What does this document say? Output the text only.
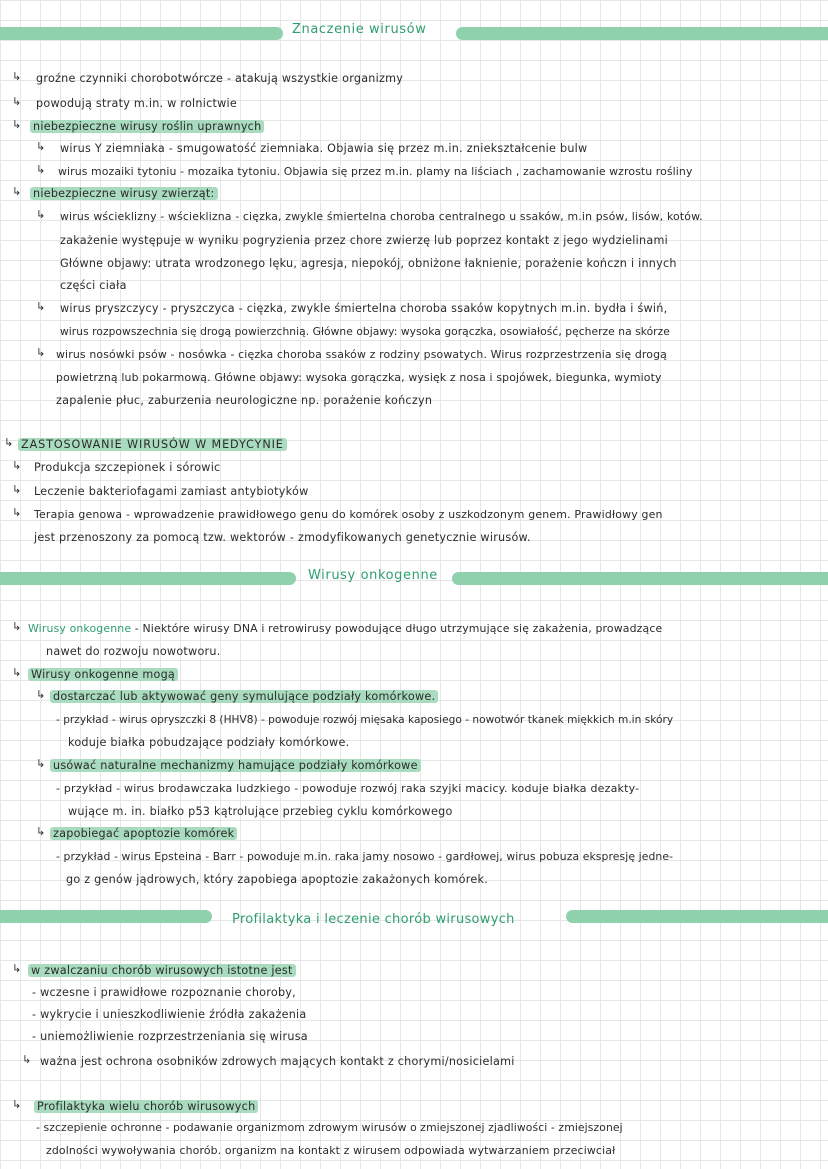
Znaczenie wirusów
↳ groźne czynniki chorobotwórcze - atakują wszystkie organizmy
↳ powodują straty m.in. w rolnictwie
↳ niebezpieczne wirusy roślin uprawnych
↳ wirus Y ziemniaka - smugowatość ziemniaka. Objawia się przez m.in. zniekształcenie bulw
↳ wirus mozaiki tytoniu - mozaika tytoniu. Objawia się przez m.in. plamy na liściach , zachamowanie wzrostu rośliny
↳ niebezpieczne wirusy zwierząt:
↳ wirus wścieklizny - wścieklizna - cięzka, zwykle śmiertelna choroba centralnego u ssaków, m.in psów, lisów, kotów.
zakażenie występuje w wyniku pogryzienia przez chore zwierzę lub poprzez kontakt z jego wydzielinami
Główne objawy: utrata wrodzonego lęku, agresja, niepokój, obniżone łaknienie, porażenie kończn i innych
części ciała
↳ wirus pryszczycy - pryszczyca - cięzka, zwykle śmiertelna choroba ssaków kopytnych m.in. bydła i świń,
wirus rozpowszechnia się drogą powierzchnią. Główne objawy: wysoka gorączka, osowiałość, pęcherze na skórze
↳ wirus nosówki psów - nosówka - cięzka choroba ssaków z rodziny psowatych. Wirus rozprzestrzenia się drogą
powietrzną lub pokarmową. Główne objawy: wysoka gorączka, wysięk z nosa i spojówek, biegunka, wymioty
zapalenie płuc, zaburzenia neurologiczne np. porażenie kończyn
↳ ZASTOSOWANIE WIRUSÓW W MEDYCYNIE
↳ Produkcja szczepionek i sórowic
↳ Leczenie bakteriofagami zamiast antybiotyków
↳ Terapia genowa - wprowadzenie prawidłowego genu do komórek osoby z uszkodzonym genem. Prawidłowy gen
jest przenoszony za pomocą tzw. wektorów - zmodyfikowanych genetycznie wirusów.
Wirusy onkogenne
↳ Wirusy onkogenne - Niektóre wirusy DNA i retrowirusy powodujące długo utrzymujące się zakażenia, prowadzące
nawet do rozwoju nowotworu.
↳ Wirusy onkogenne mogą
↳ dostarczać lub aktywować geny symulujące podziały komórkowe.
- przykład - wirus opryszczki 8 (HHV8) - powoduje rozwój mięsaka kaposiego - nowotwór tkanek miękkich m.in skóry
koduje białka pobudzające podziały komórkowe.
↳ usówać naturalne mechanizmy hamujące podziały komórkowe
- przykład - wirus brodawczaka ludzkiego - powoduje rozwój raka szyjki macicy. koduje białka dezakty-
wujące m. in. białko p53 kątrolujące przebieg cyklu komórkowego
↳ zapobiegać apoptozie komórek
- przykład - wirus Epsteina - Barr - powoduje m.in. raka jamy nosowo - gardłowej, wirus pobuza ekspresję jedne-
go z genów jądrowych, który zapobiega apoptozie zakażonych komórek.
Profilaktyka i leczenie chorób wirusowych
↳ w zwalczaniu chorób wirusowych istotne jest
- wczesne i prawidłowe rozpoznanie choroby,
- wykrycie i unieszkodliwienie źródła zakażenia
- uniemożliwienie rozprzestrzeniania się wirusa
↳ ważna jest ochrona osobników zdrowych mających kontakt z chorymi/nosicielami
↳ Profilaktyka wielu chorób wirusowych
- szczepienie ochronne - podawanie organizmom zdrowym wirusów o zmiejszonej zjadliwości - zmiejszonej
zdolności wywoływania chorób. organizm na kontakt z wirusem odpowiada wytwarzaniem przeciwciał
